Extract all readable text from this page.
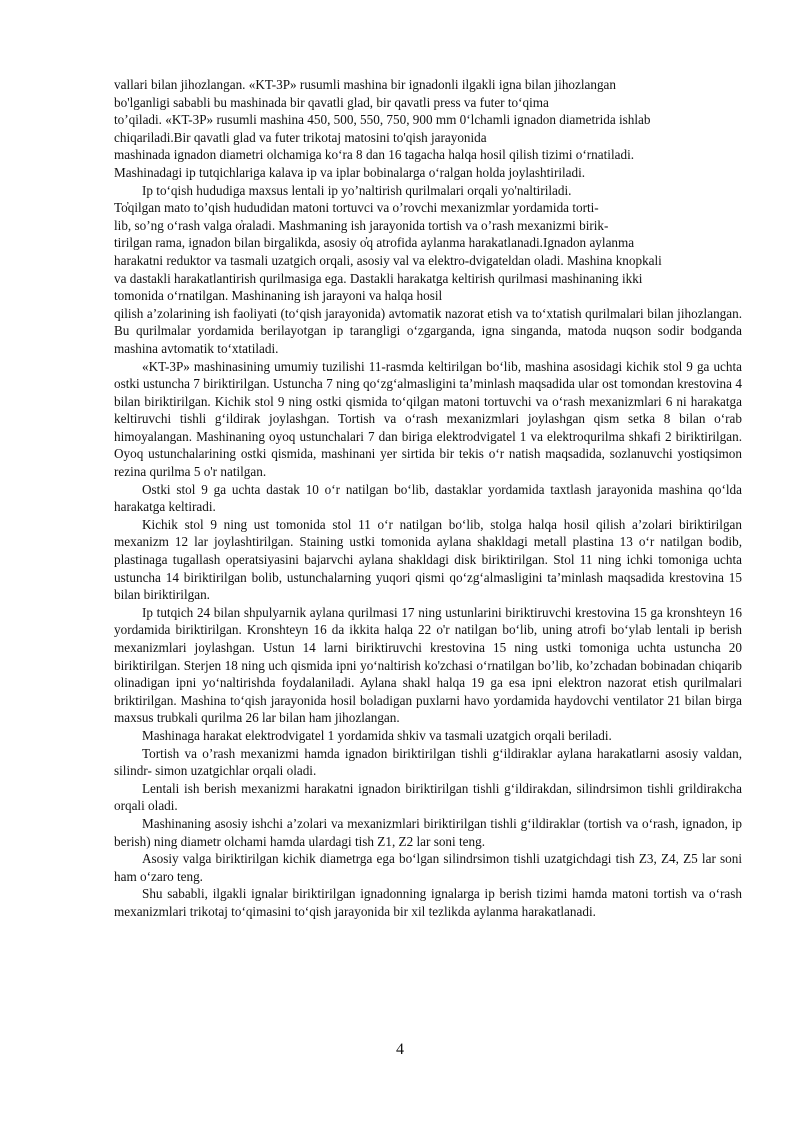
vallari bilan jihozlangan. «KT-3P» rusumli mashina bir ignadonli ilgakli igna bilan jihozlangan

bo'lganligi sababli bu mashinada bir qavatli glad, bir qavatli press va futer to‘qima

to’qiladi. «KT-3P» rusumli mashina 450, 500, 550, 750, 900 mm 0‘lchamli ignadon diametrida ishlab

chiqariladi.Bir qavatli glad va futer trikotaj matosini to'qish jarayonida

mashinada ignadon diametri olchamiga ko‘ra 8 dan 16 tagacha halqa hosil qilish tizimi o‘rnatiladi.

Mashinadagi ip tutqichlariga kalava ip va iplar bobinalarga o‘ralgan holda joylashtiriladi.

Ip to‘qish hududiga maxsus lentali ip yo’naltirish qurilmalari orqali yo'naltiriladi.

To̓qilgan mato to’qish hududidan matoni tortuvci va o’rovchi mexanizmlar yordamida torti-

lib, so’ng o‘rash valga o̓raladi. Mashmaning ish jarayonida tortish va o’rash mexanizmi birik-

tirilgan rama, ignadon bilan birgalikda, asosiy o̓q atrofida aylanma harakatlanadi.Ignadon aylanma

harakatni reduktor va tasmali uzatgich orqali, asosiy val va elektro-dvigateldan oladi. Mashina knopkali

va dastakli harakatlantirish qurilmasiga ega. Dastakli harakatga keltirish qurilmasi mashinaning ikki

tomonida o‘rnatilgan. Mashinaning ish jarayoni va halqa hosil

qilish a’zolarining ish faoliyati (to‘qish jarayonida) avtomatik nazorat etish va to‘xtatish qurilmalari bilan jihozlangan. Bu qurilmalar yordamida berilayotgan ip tarangligi o‘zgarganda, igna singanda, matoda nuqson sodir bodganda mashina avtomatik to‘xtatiladi.

«KT-3P» mashinasining umumiy tuzilishi 11-rasmda keltirilgan bo‘lib, mashina asosidagi kichik stol 9 ga uchta ostki ustuncha 7 biriktirilgan. Ustuncha 7 ning qo‘zg‘almasligini ta’minlash maqsadida ular ost tomondan krestovina 4 bilan biriktirilgan. Kichik stol 9 ning ostki qismida to‘qilgan matoni tortuvchi va o‘rash mexanizmlari 6 ni harakatga keltiruvchi tishli g‘ildirak joylashgan. Tortish va o‘rash mexanizmlari joylashgan qism setka 8 bilan o‘rab himoyalangan. Mashinaning oyoq ustunchalari 7 dan biriga elektrodvigatel 1 va elektroqurilma shkafi 2 biriktirilgan. Oyoq ustunchalarining ostki qismida, mashinani yer sirtida bir tekis o‘r natish maqsadida, sozlanuvchi yostiqsimon rezina qurilma 5 o'r natilgan.

Ostki stol 9 ga uchta dastak 10 o‘r natilgan bo‘lib, dastaklar yordamida taxtlash jarayonida mashina qo‘lda harakatga keltiradi.

Kichik stol 9 ning ust tomonida stol 11 o‘r natilgan bo‘lib, stolga halqa hosil qilish a’zolari biriktirilgan mexanizm 12 lar joylashtirilgan. Staining ustki tomonida aylana shakldagi metall plastina 13 o‘r natilgan bodib, plastinaga tugallash operatsiyasini bajarvchi aylana shakldagi disk biriktirilgan. Stol 11 ning ichki tomoniga uchta ustuncha 14 biriktirilgan bolib, ustunchalarning yuqori qismi qo‘zg‘almasligini ta’minlash maqsadida krestovina 15 bilan biriktirilgan.

Ip tutqich 24 bilan shpulyarnik aylana qurilmasi 17 ning ustunlarini biriktiruvchi krestovina 15 ga kronshteyn 16 yordamida biriktirilgan. Kronshteyn 16 da ikkita halqa 22 o'r natilgan bo‘lib, uning atrofi bo‘ylab lentali ip berish mexanizmlari joylashgan. Ustun 14 larni biriktiruvchi krestovina 15 ning ustki tomoniga uchta ustuncha 20 biriktirilgan. Sterjen 18 ning uch qismida ipni yo‘naltirish ko'zchasi o‘rnatilgan bo’lib, ko’zchadan bobinadan chiqarib olinadigan ipni yo‘naltirishda foydalaniladi. Aylana shakl halqa 19 ga esa ipni elektron nazorat etish qurilmalari briktirilgan. Mashina to‘qish jarayonida hosil boladigan puxlarni havo yordamida haydovchi ventilator 21 bilan birga maxsus trubkali qurilma 26 lar bilan ham jihozlangan.

Mashinaga harakat elektrodvigatel 1 yordamida shkiv va tasmali uzatgich orqali beriladi.

Tortish va o’rash mexanizmi hamda ignadon biriktirilgan tishli g‘ildiraklar aylana harakatlarni asosiy valdan, silindr- simon uzatgichlar orqali oladi.

Lentali ish berish mexanizmi harakatni ignadon biriktirilgan tishli g‘ildirakdan, silindrsimon tishli grildirakcha orqali oladi.

Mashinaning asosiy ishchi a’zolari va mexanizmlari biriktirilgan tishli g‘ildiraklar (tortish va o‘rash, ignadon, ip berish) ning diametr olchami hamda ulardagi tish Z1, Z2 lar soni teng.

Asosiy valga biriktirilgan kichik diametrga ega bo‘lgan silindrsimon tishli uzatgichdagi tish Z3, Z4, Z5 lar soni ham o‘zaro teng.

Shu sababli, ilgakli ignalar biriktirilgan ignadonning ignalarga ip berish tizimi hamda matoni tortish va o‘rash mexanizmlari trikotaj to‘qimasini to‘qish jarayonida bir xil tezlikda aylanma harakatlanadi.

4
